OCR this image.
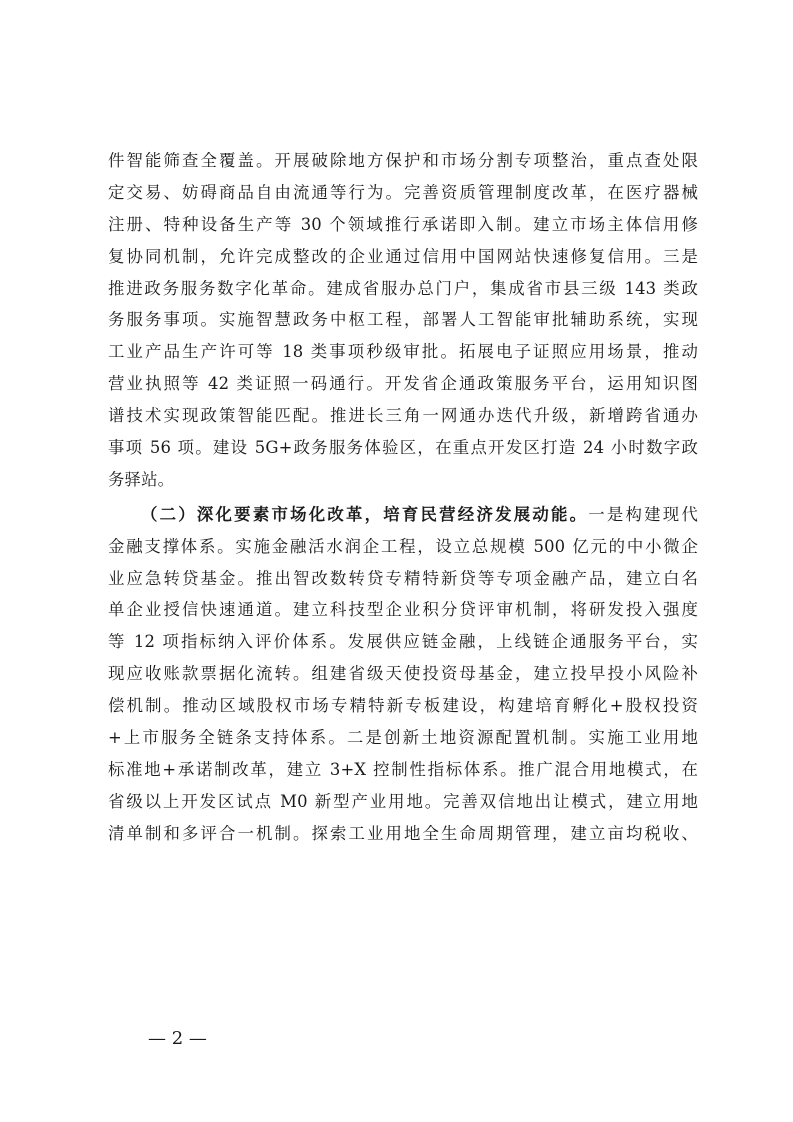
件智能筛查全覆盖。开展破除地方保护和市场分割专项整治，重点查处限
定交易、妨碍商品自由流通等行为。完善资质管理制度改革，在医疗器械
注册、特种设备生产等 30 个领域推行承诺即入制。建立市场主体信用修
复协同机制，允许完成整改的企业通过信用中国网站快速修复信用。三是
推进政务服务数字化革命。建成省服办总门户，集成省市县三级 143 类政
务服务事项。实施智慧政务中枢工程，部署人工智能审批辅助系统，实现
工业产品生产许可等 18 类事项秒级审批。拓展电子证照应用场景，推动
营业执照等 42 类证照一码通行。开发省企通政策服务平台，运用知识图
谱技术实现政策智能匹配。推进长三角一网通办迭代升级，新增跨省通办
事项 56 项。建设 5G+政务服务体验区，在重点开发区打造 24 小时数字政
务驿站。
（二）深化要素市场化改革，培育民营经济发展动能。一是构建现代
金融支撑体系。实施金融活水润企工程，设立总规模 500 亿元的中小微企
业应急转贷基金。推出智改数转贷专精特新贷等专项金融产品，建立白名
单企业授信快速通道。建立科技型企业积分贷评审机制，将研发投入强度
等 12 项指标纳入评价体系。发展供应链金融，上线链企通服务平台，实
现应收账款票据化流转。组建省级天使投资母基金，建立投早投小风险补
偿机制。推动区域股权市场专精特新专板建设，构建培育孵化+股权投资
+上市服务全链条支持体系。二是创新土地资源配置机制。实施工业用地
标准地+承诺制改革，建立 3+X 控制性指标体系。推广混合用地模式，在
省级以上开发区试点 M0 新型产业用地。完善双信地出让模式，建立用地
清单制和多评合一机制。探索工业用地全生命周期管理，建立亩均税收、
— 2 —
